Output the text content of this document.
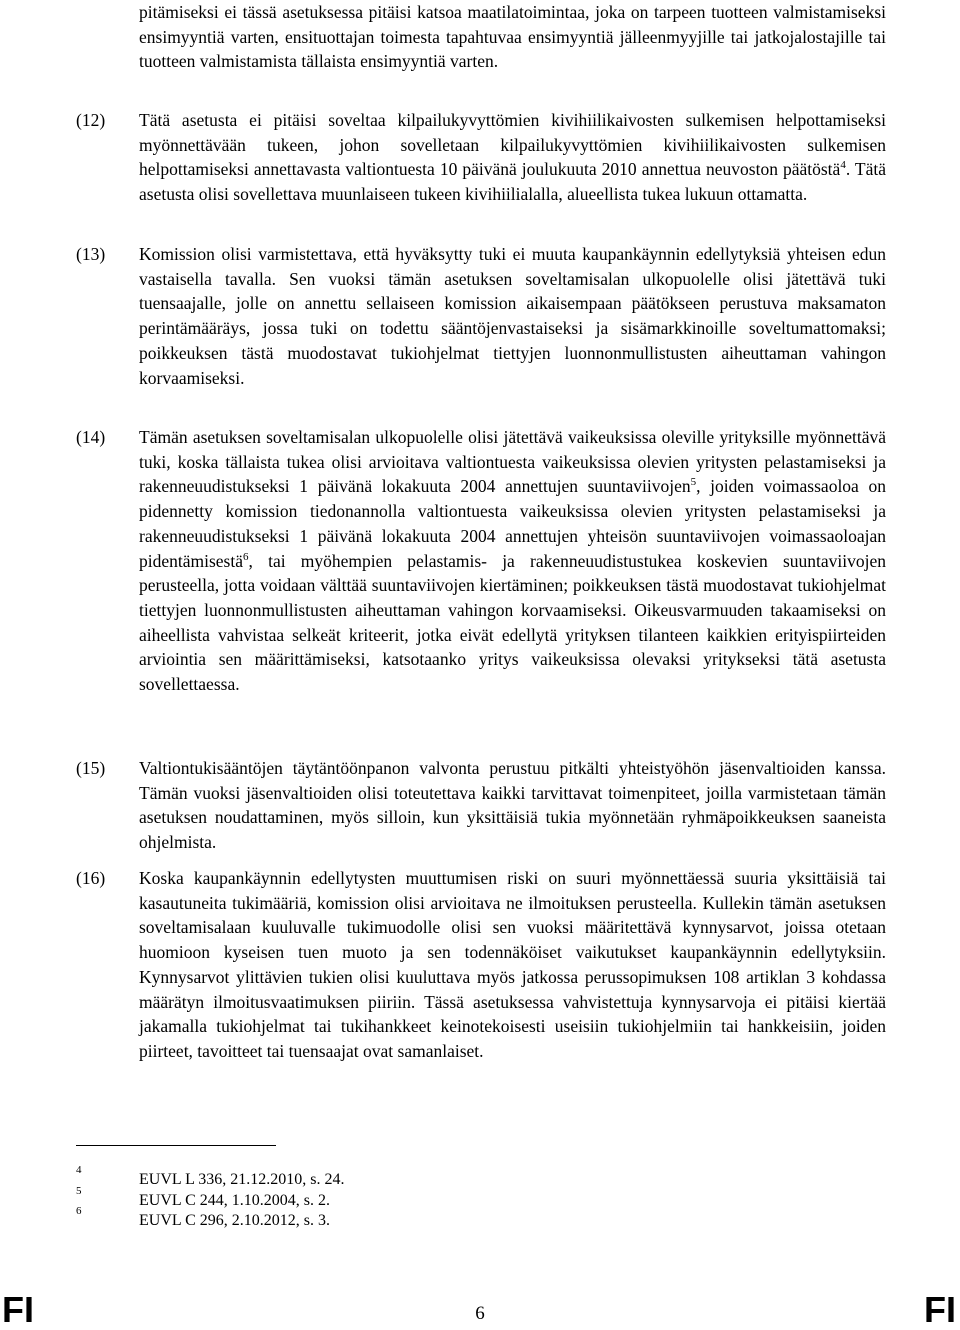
pitämiseksi ei tässä asetuksessa pitäisi katsoa maatilatoimintaa, joka on tarpeen tuotteen valmistamiseksi ensimyyntiä varten, ensituottajan toimesta tapahtuvaa ensimyyntiä jälleenmyyjille tai jatkojalostajille tai tuotteen valmistamista tällaista ensimyyntiä varten.
(12) Tätä asetusta ei pitäisi soveltaa kilpailukyvyttömien kivihiilikaivosten sulkemisen helpottamiseksi myönnettävään tukeen, johon sovelletaan kilpailukyvyttömien kivihiilikaivosten sulkemisen helpottamiseksi annettavasta valtiontuesta 10 päivänä joulukuuta 2010 annettua neuvoston päätöstä$^4$. Tätä asetusta olisi sovellettava muunlaiseen tukeen kivihiilialalla, alueellista tukea lukuun ottamatta.
(13) Komission olisi varmistettava, että hyväksytty tuki ei muuta kaupankäynnin edellytyksiä yhteisen edun vastaisella tavalla. Sen vuoksi tämän asetuksen soveltamisalan ulkopuolelle olisi jätettävä tuki tuensaajalle, jolle on annettu sellaiseen komission aikaisempaan päätökseen perustuva maksamaton perintämääräys, jossa tuki on todettu sääntöjenvastaiseksi ja sisämarkkinoille soveltumattomaksi; poikkeuksen tästä muodostavat tukiohjelmat tiettyjen luonnonmullistusten aiheuttaman vahingon korvaamiseksi.
(14) Tämän asetuksen soveltamisalan ulkopuolelle olisi jätettävä vaikeuksissa oleville yrityksille myönnettävä tuki, koska tällaista tukea olisi arvioitava valtiontuesta vaikeuksissa olevien yritysten pelastamiseksi ja rakenneuudistukseksi 1 päivänä lokakuuta 2004 annettujen suuntaviivojen$^5$, joiden voimassaoloa on pidennetty komission tiedonannolla valtiontuesta vaikeuksissa olevien yritysten pelastamiseksi ja rakenneuudistukseksi 1 päivänä lokakuuta 2004 annettujen yhteisön suuntaviivojen voimassaoloajan pidentämisestä$^6$, tai myöhempien pelastamis- ja rakenneuudistustukea koskevien suuntaviivojen perusteella, jotta voidaan välttää suuntaviivojen kiertäminen; poikkeuksen tästä muodostavat tukiohjelmat tiettyjen luonnonmullistusten aiheuttaman vahingon korvaamiseksi. Oikeusvarmuuden takaamiseksi on aiheellista vahvistaa selkeät kriteerit, jotka eivät edellytä yrityksen tilanteen kaikkien erityispiirteiden arviointia sen määrittämiseksi, katsotaanko yritys vaikeuksissa olevaksi yritykseksi tätä asetusta sovellettaessa.
(15) Valtiontukisääntöjen täytäntöönpanon valvonta perustuu pitkälti yhteistyöhön jäsenvaltioiden kanssa. Tämän vuoksi jäsenvaltioiden olisi toteutettava kaikki tarvittavat toimenpiteet, joilla varmistetaan tämän asetuksen noudattaminen, myös silloin, kun yksittäisiä tukia myönnetään ryhmäpoikkeuksen saaneista ohjelmista.
(16) Koska kaupankäynnin edellytysten muuttumisen riski on suuri myönnettäessä suuria yksittäisiä tai kasautuneita tukimääriä, komission olisi arvioitava ne ilmoituksen perusteella. Kullekin tämän asetuksen soveltamisalaan kuuluvalle tukimuodolle olisi sen vuoksi määritettävä kynnysarvot, joissa otetaan huomioon kyseisen tuen muoto ja sen todennäköiset vaikutukset kaupankäynnin edellytyksiin. Kynnysarvot ylittävien tukien olisi kuuluttava myös jatkossa perussopimuksen 108 artiklan 3 kohdassa määrätyn ilmoitusvaatimuksen piiriin. Tässä asetuksessa vahvistettuja kynnysarvoja ei pitäisi kiertää jakamalla tukiohjelmat tai tukihankkeet keinotekoisesti useisiin tukiohjelmiin tai hankkeisiin, joiden piirteet, tavoitteet tai tuensaajat ovat samanlaiset.
4
EUVL L 336, 21.12.2010, s. 24.
5
EUVL C 244, 1.10.2004, s. 2.
6
EUVL C 296, 2.10.2012, s. 3.
FI	6	FI
